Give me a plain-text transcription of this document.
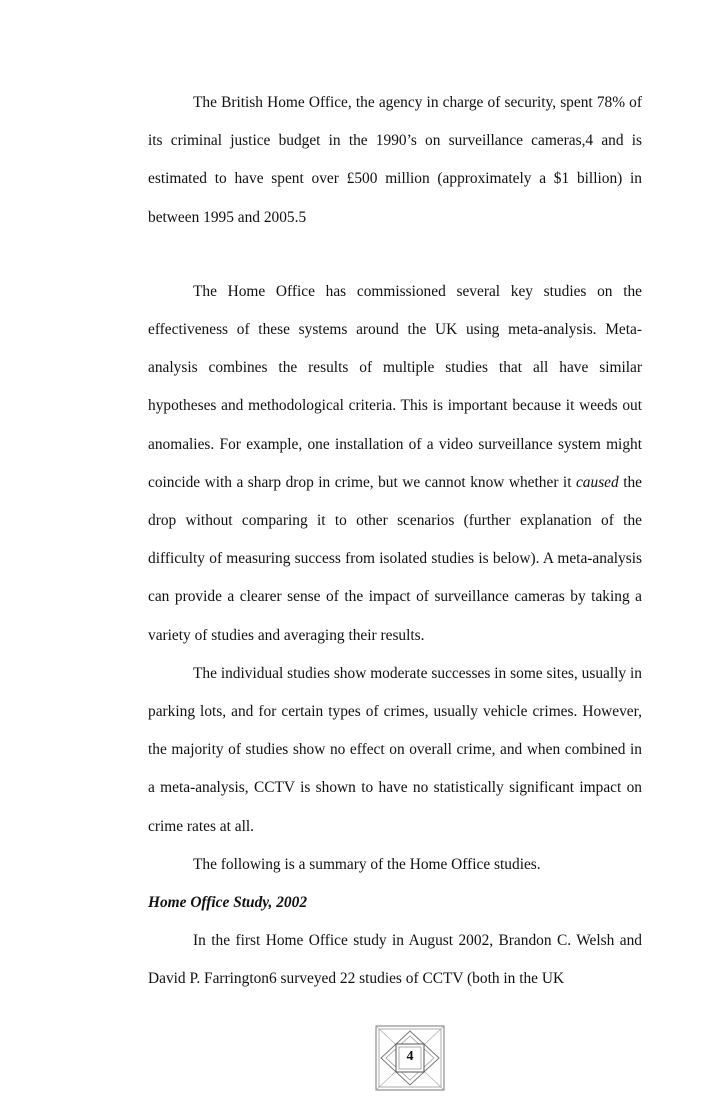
The British Home Office, the agency in charge of security, spent 78% of its criminal justice budget in the 1990’s on surveillance cameras,4 and is estimated to have spent over £500 million (approximately a $1 billion) in between 1995 and 2005.5

The Home Office has commissioned several key studies on the effectiveness of these systems around the UK using meta-analysis. Meta-analysis combines the results of multiple studies that all have similar hypotheses and methodological criteria. This is important because it weeds out anomalies. For example, one installation of a video surveillance system might coincide with a sharp drop in crime, but we cannot know whether it caused the drop without comparing it to other scenarios (further explanation of the difficulty of measuring success from isolated studies is below). A meta-analysis can provide a clearer sense of the impact of surveillance cameras by taking a variety of studies and averaging their results.

The individual studies show moderate successes in some sites, usually in parking lots, and for certain types of crimes, usually vehicle crimes. However, the majority of studies show no effect on overall crime, and when combined in a meta-analysis, CCTV is shown to have no statistically significant impact on crime rates at all.

The following is a summary of the Home Office studies.

Home Office Study, 2002

In the first Home Office study in August 2002, Brandon C. Welsh and David P. Farrington6 surveyed 22 studies of CCTV (both in the UK

4
